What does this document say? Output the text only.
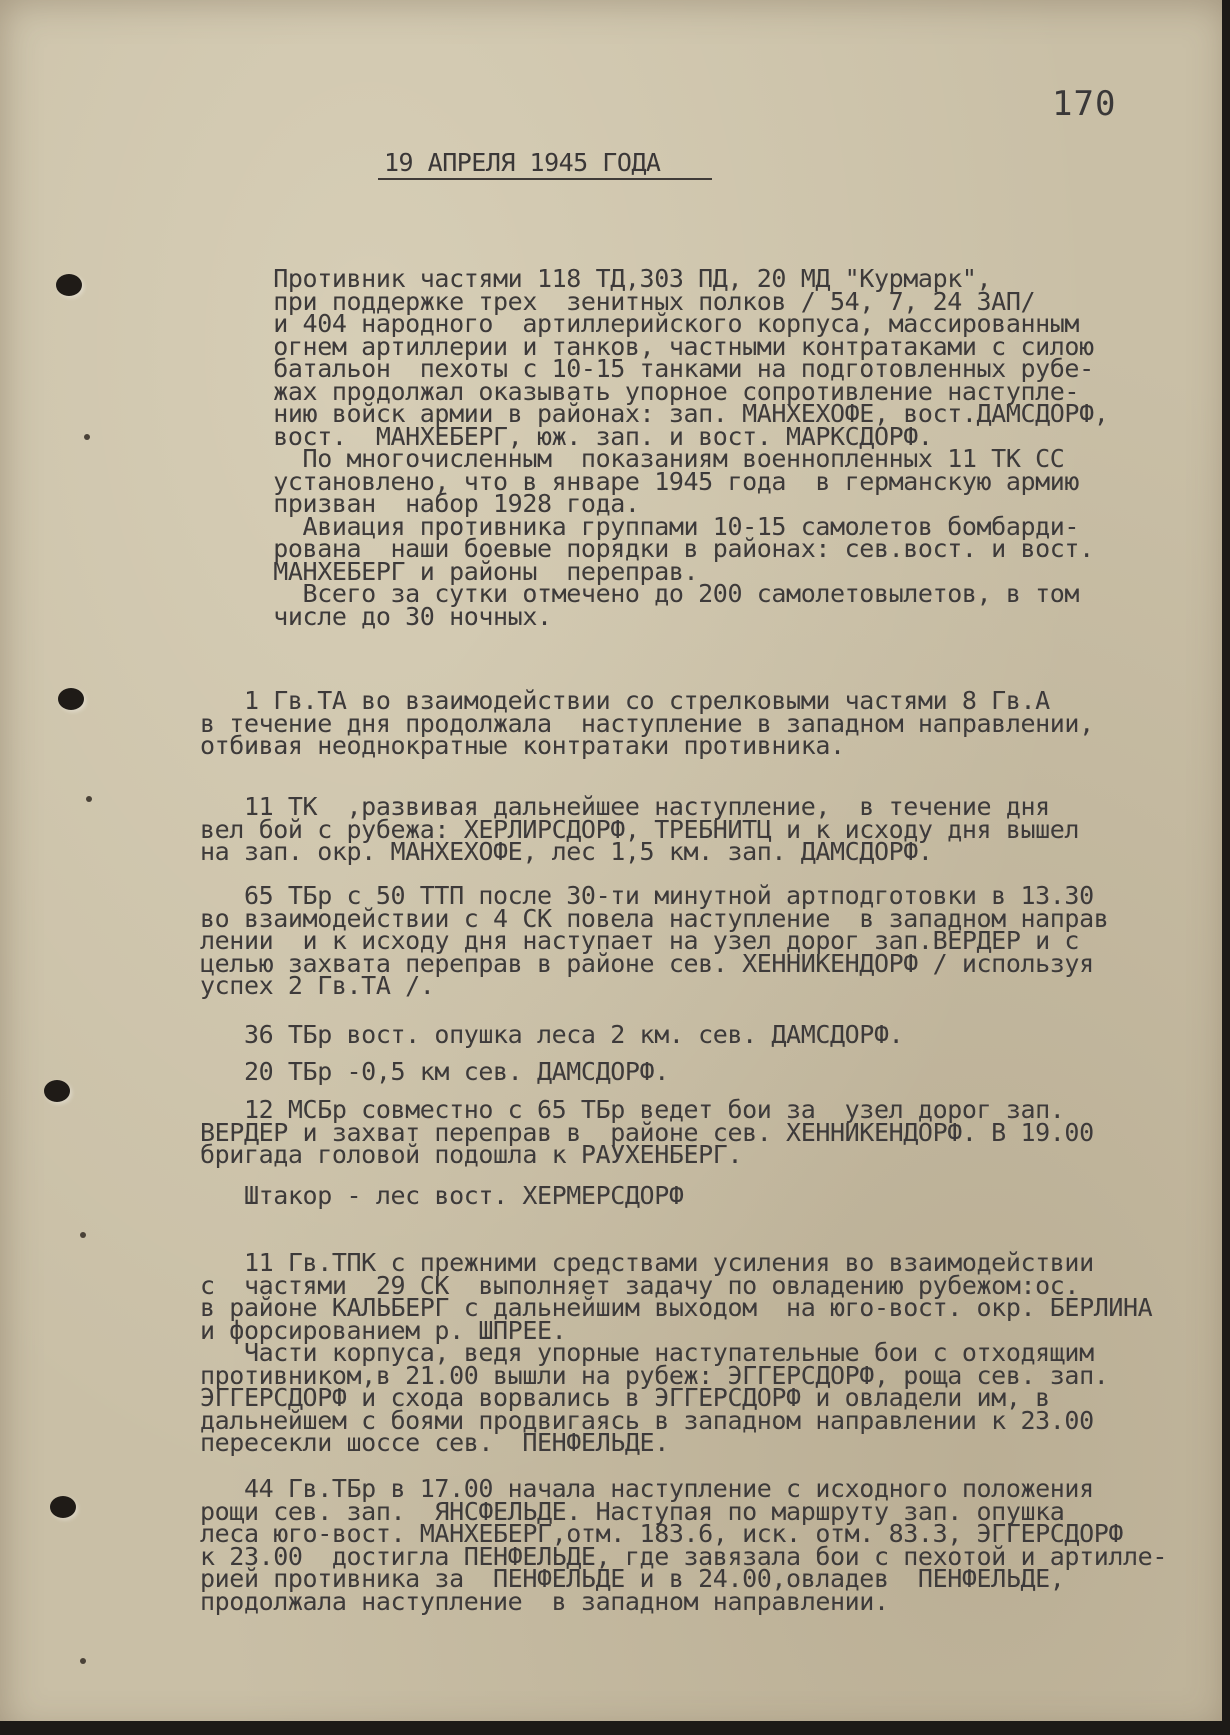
170
19 АПРЕЛЯ 1945 ГОДА
Противник частями 118 ТД,303 ПД, 20 МД "Курмарк",
при поддержке трех  зенитных полков / 54, 7, 24 ЗАП/
и 404 народного  артиллерийского корпуса, массированным
огнем артиллерии и танков, частными контратаками с силою
батальон  пехоты с 10-15 танками на подготовленных рубе-
жах продолжал оказывать упорное сопротивление наступле-
нию войск армии в районах: зап. МАНХЕХОФЕ, вост.ДАМСДОРФ,
вост.  МАНХЕБЕРГ, юж. зап. и вост. МАРКСДОРФ.
По многочисленным  показаниям военнопленных 11 ТК СС
установлено, что в январе 1945 года  в германскую армию
призван  набор 1928 года.
Авиация противника группами 10-15 самолетов бомбарди-
рована  наши боевые порядки в районах: сев.вост. и вост.
МАНХЕБЕРГ и районы  переправ.
Всего за сутки отмечено до 200 самолетовылетов, в том
числе до 30 ночных.
1 Гв.ТА во взаимодействии со стрелковыми частями 8 Гв.А
в течение дня продолжала  наступление в западном направлении,
отбивая неоднократные контратаки противника.
11 ТК  ,развивая дальнейшее наступление,  в течение дня
вел бой с рубежа: ХЕРЛИРСДОРФ, ТРЕБНИТЦ и к исходу дня вышел
на зап. окр. МАНХЕХОФЕ, лес 1,5 км. зап. ДАМСДОРФ.
65 ТБр с 50 ТТП после 30-ти минутной артподготовки в 13.30
во взаимодействии с 4 СК повела наступление  в западном направ
лении  и к исходу дня наступает на узел дорог зап.ВЕРДЕР и с
целью захвата переправ в районе сев. ХЕННИКЕНДОРФ / используя
успех 2 Гв.ТА /.
36 ТБр вост. опушка леса 2 км. сев. ДАМСДОРФ.
20 ТБр -0,5 км сев. ДАМСДОРФ.
12 МСБр совместно с 65 ТБр ведет бои за  узел дорог зап.
ВЕРДЕР и захват переправ в  районе сев. ХЕННИКЕНДОРФ. В 19.00
бригада головой подошла к РАУХЕНБЕРГ.
Штакор - лес вост. ХЕРМЕРСДОРФ
11 Гв.ТПК с прежними средствами усиления во взаимодействии
с  частями  29 СК  выполняет задачу по овладению рубежом:ос.
в районе КАЛЬБЕРГ с дальнейшим выходом  на юго-вост. окр. БЕРЛИНА
и форсированием р. ШПРЕЕ.
Части корпуса, ведя упорные наступательные бои с отходящим
противником,в 21.00 вышли на рубеж: ЭГГЕРСДОРФ, роща сев. зап.
ЭГГЕРСДОРФ и схода ворвались в ЭГГЕРСДОРФ и овладели им, в
дальнейшем с боями продвигаясь в западном направлении к 23.00
пересекли шоссе сев.  ПЕНФЕЛЬДЕ.
44 Гв.ТБр в 17.00 начала наступление с исходного положения
рощи сев. зап.  ЯНСФЕЛЬДЕ. Наступая по маршруту зап. опушка
леса юго-вост. МАНХЕБЕРГ,отм. 183.6, иск. отм. 83.3, ЭГГЕРСДОРФ
к 23.00  достигла ПЕНФЕЛЬДЕ, где завязала бои с пехотой и артилле-
рией противника за  ПЕНФЕЛЬДЕ и в 24.00,овладев  ПЕНФЕЛЬДЕ,
продолжала наступление  в западном направлении.
